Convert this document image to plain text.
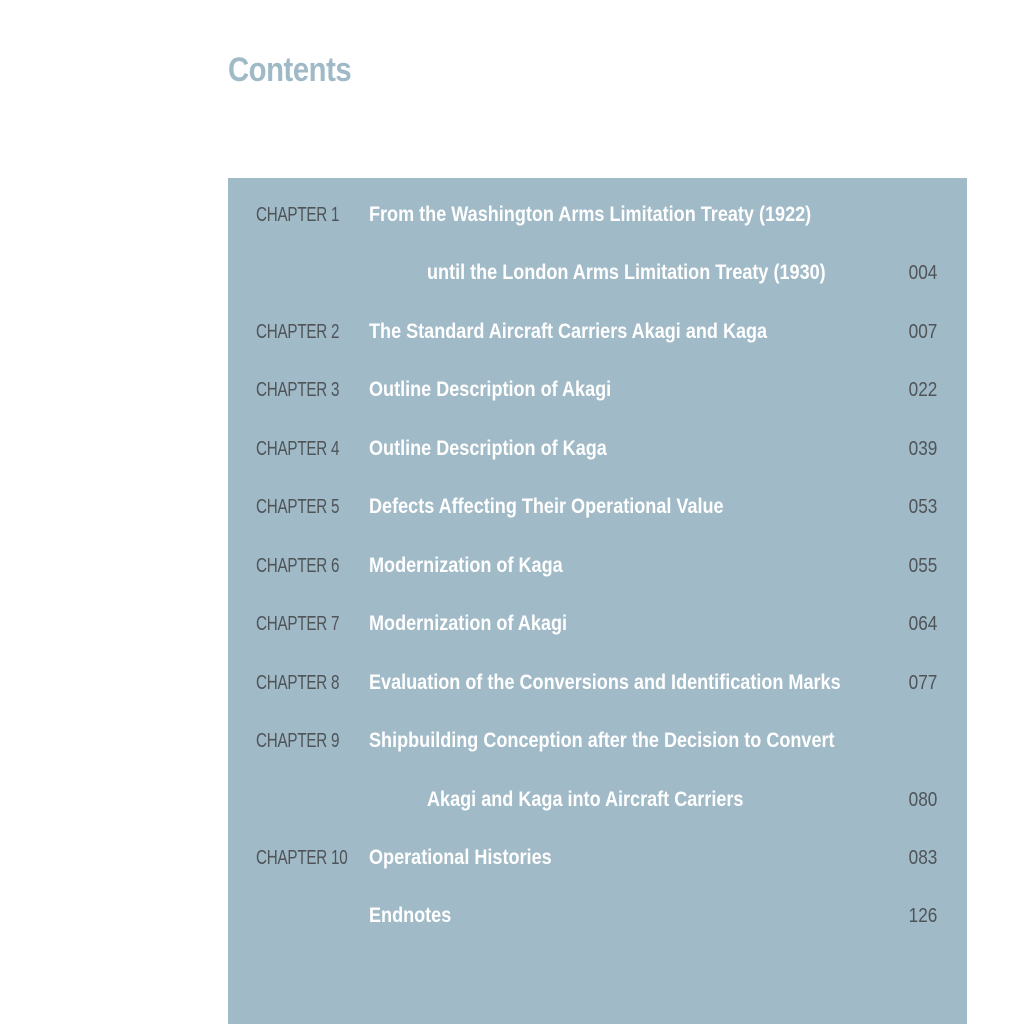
Contents
CHAPTER 1 From the Washington Arms Limitation Treaty (1922)
until the London Arms Limitation Treaty (1930)	004
CHAPTER 2 The Standard Aircraft Carriers Akagi and Kaga	007
CHAPTER 3 Outline Description of Akagi	022
CHAPTER 4 Outline Description of Kaga	039
CHAPTER 5 Defects Affecting Their Operational Value	053
CHAPTER 6 Modernization of Kaga	055
CHAPTER 7 Modernization of Akagi	064
CHAPTER 8 Evaluation of the Conversions and Identification Marks	077
CHAPTER 9 Shipbuilding Conception after the Decision to Convert
Akagi and Kaga into Aircraft Carriers	080
CHAPTER 10 Operational Histories	083
Endnotes	126
